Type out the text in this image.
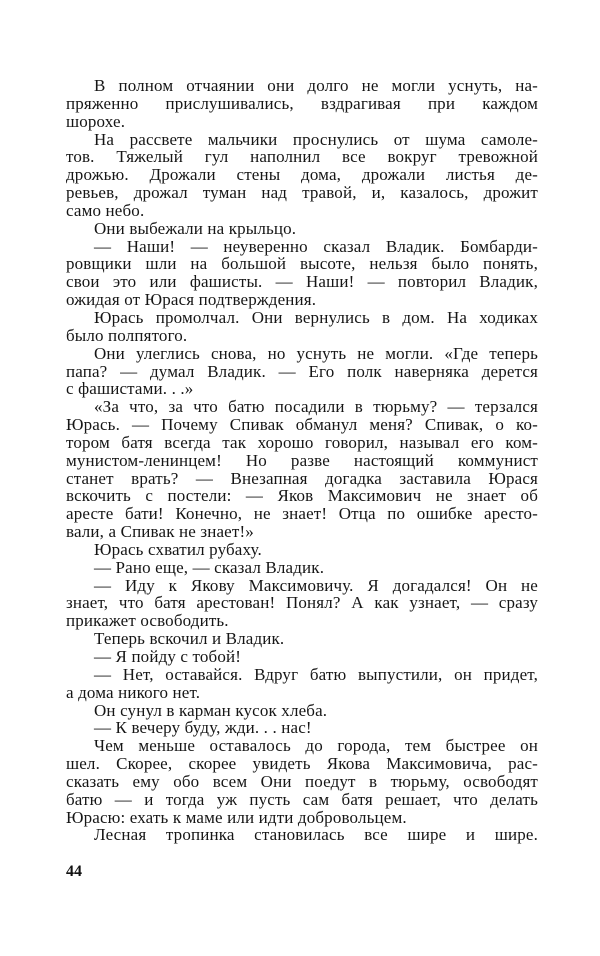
В полном отчаянии они долго не могли уснуть, на-
пряженно прислушивались, вздрагивая при каждом
шорохе.
На рассвете мальчики проснулись от шума самоле-
тов. Тяжелый гул наполнил все вокруг тревожной
дрожью. Дрожали стены дома, дрожали листья де-
ревьев, дрожал туман над травой, и, казалось, дрожит
само небо.
Они выбежали на крыльцо.
— Наши! — неуверенно сказал Владик. Бомбарди-
ровщики шли на большой высоте, нельзя было понять,
свои это или фашисты. — Наши! — повторил Владик,
ожидая от Юрася подтверждения.
Юрась промолчал. Они вернулись в дом. На ходиках
было полпятого.
Они улеглись снова, но уснуть не могли. «Где теперь
папа? — думал Владик. — Его полк наверняка дерется
с фашистами. . .»
«За что, за что батю посадили в тюрьму? — терзался
Юрась. — Почему Спивак обманул меня? Спивак, о ко-
тором батя всегда так хорошо говорил, называл его ком-
мунистом-ленинцем! Но разве настоящий коммунист
станет врать? — Внезапная догадка заставила Юрася
вскочить с постели: — Яков Максимович не знает об
аресте бати! Конечно, не знает! Отца по ошибке аресто-
вали, а Спивак не знает!»
Юрась схватил рубаху.
— Рано еще, — сказал Владик.
— Иду к Якову Максимовичу. Я догадался! Он не
знает, что батя арестован! Понял? А как узнает, — сразу
прикажет освободить.
Теперь вскочил и Владик.
— Я пойду с тобой!
— Нет, оставайся. Вдруг батю выпустили, он придет,
а дома никого нет.
Он сунул в карман кусок хлеба.
— К вечеру буду, жди. . . нас!
Чем меньше оставалось до города, тем быстрее он
шел. Скорее, скорее увидеть Якова Максимовича, рас-
сказать ему обо всем Они поедут в тюрьму, освободят
батю — и тогда уж пусть сам батя решает, что делать
Юрасю: ехать к маме или идти добровольцем.
Лесная тропинка становилась все шире и шире.
44
